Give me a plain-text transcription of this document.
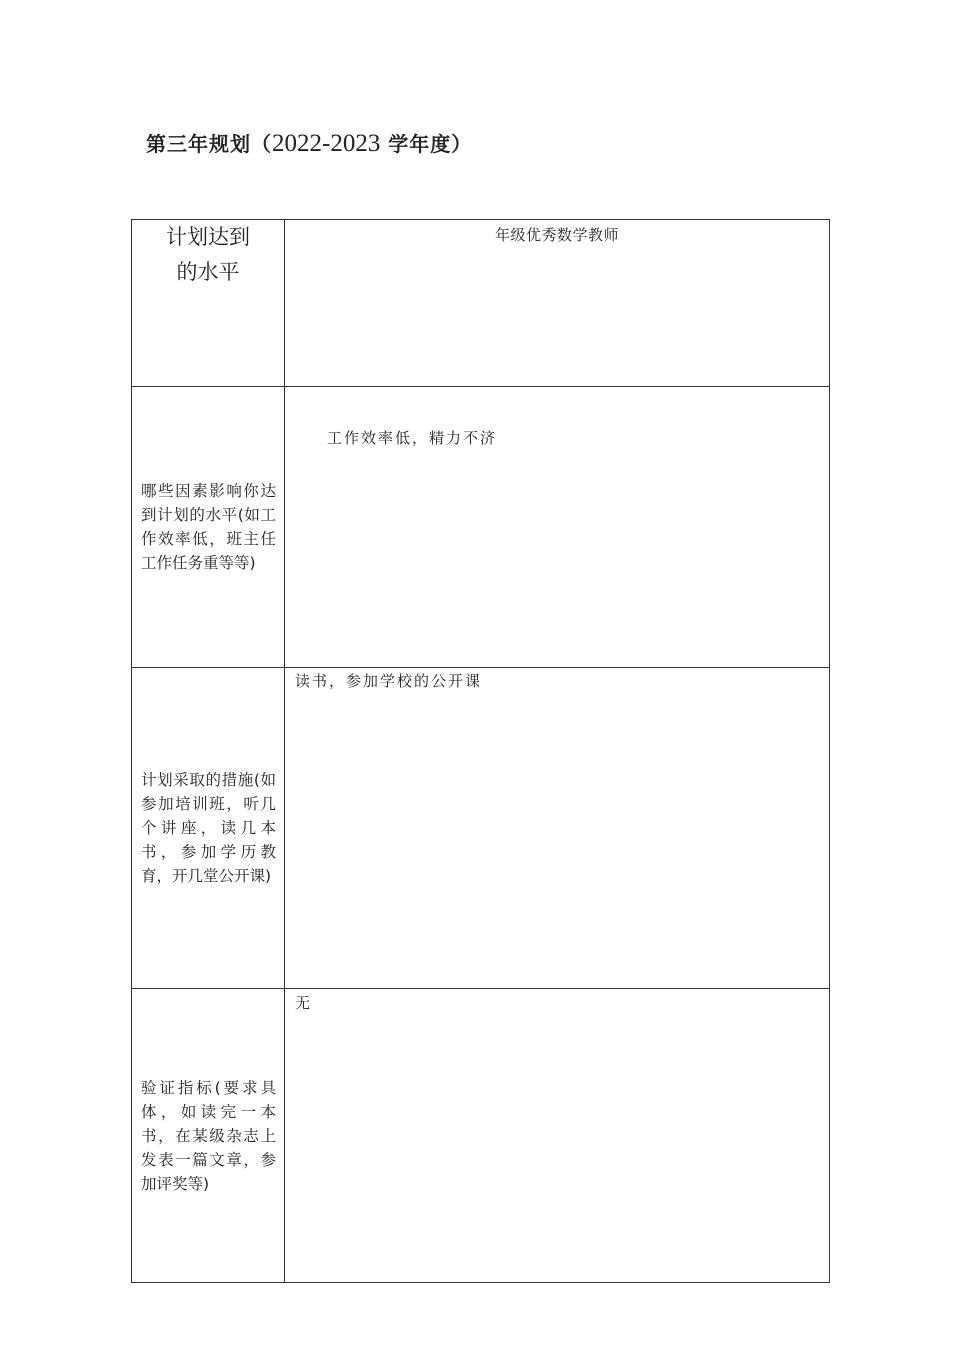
第三年规划（2022-2023 学年度）
计划达到
的水平	年级优秀数学教师
哪些因素影响你达到计划的水平(如工作效率低，班主任工作任务重等等)	工作效率低，精力不济
计划采取的措施(如参加培训班，听几个讲座，读几本书，参加学历教育，开几堂公开课)	读书，参加学校的公开课
验证指标(要求具体，如读完一本书，在某级杂志上发表一篇文章，参加评奖等)	无
